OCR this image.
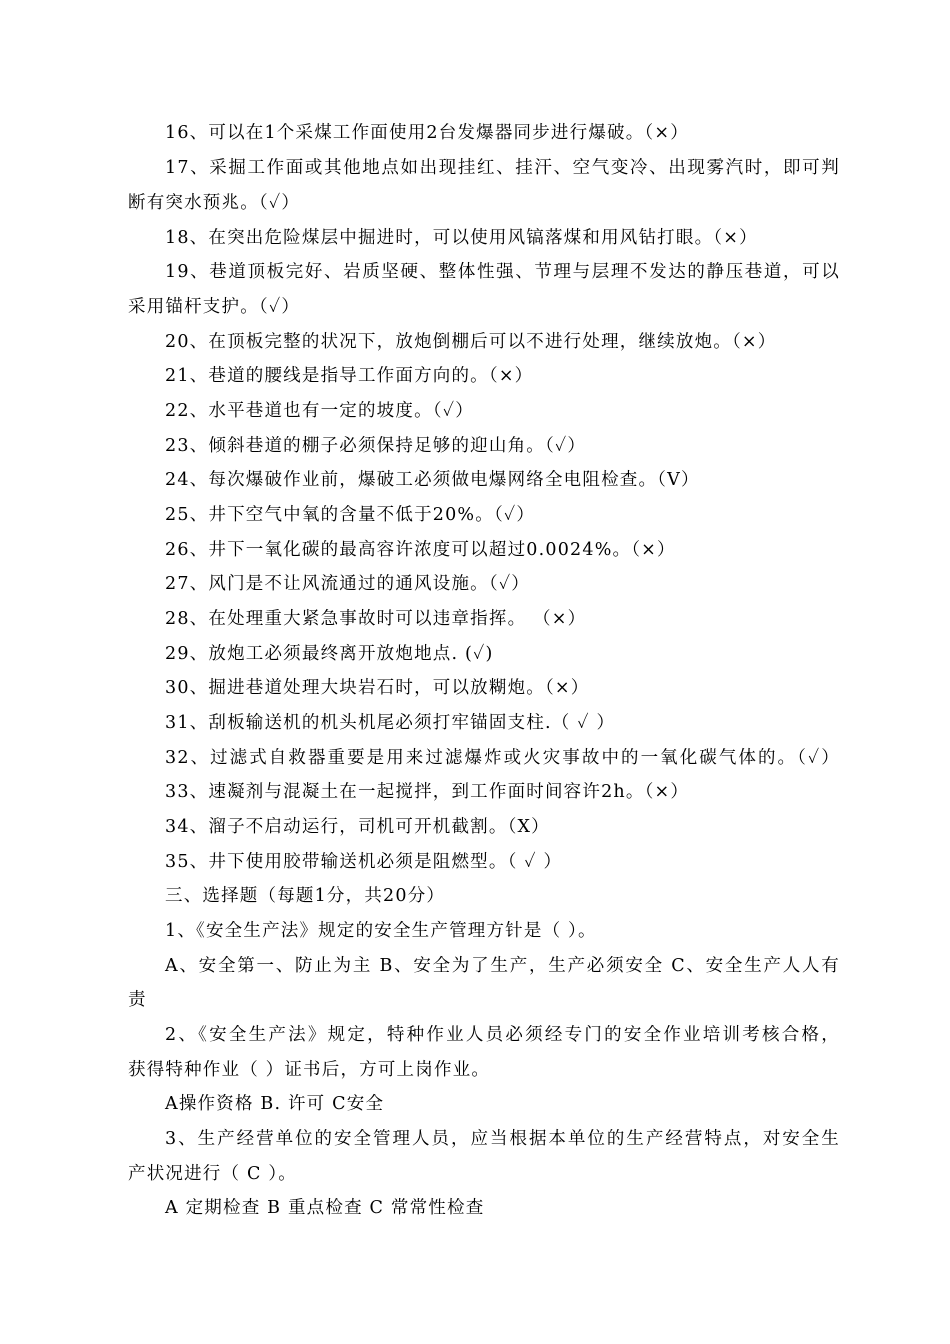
16、可以在1个采煤工作面使用2台发爆器同步进行爆破。（×）
17、采掘工作面或其他地点如出现挂红、挂汗、空气变冷、出现雾汽时，即可判
断有突水预兆。（✓）
18、在突出危险煤层中掘进时，可以使用风镐落煤和用风钻打眼。（×）
19、巷道顶板完好、岩质坚硬、整体性强、节理与层理不发达的静压巷道，可以
采用锚杆支护。（✓）
20、在顶板完整的状况下，放炮倒棚后可以不进行处理，继续放炮。（×）
21、巷道的腰线是指导工作面方向的。（×）
22、水平巷道也有一定的坡度。（✓）
23、倾斜巷道的棚子必须保持足够的迎山角。（✓）
24、每次爆破作业前，爆破工必须做电爆网络全电阻检查。（V）
25、井下空气中氧的含量不低于20%。（✓）
26、井下一氧化碳的最高容许浓度可以超过0.0024%。（×）
27、风门是不让风流通过的通风设施。（✓）
28、在处理重大紧急事故时可以违章指挥。 （×）
29、放炮工必须最终离开放炮地点. (✓)
30、掘进巷道处理大块岩石时，可以放糊炮。（×）
31、刮板输送机的机头机尾必须打牢锚固支柱.（ ✓ ）
32、过滤式自救器重要是用来过滤爆炸或火灾事故中的一氧化碳气体的。（✓）
33、速凝剂与混凝土在一起搅拌，到工作面时间容许2h。（×）
34、溜子不启动运行，司机可开机截割。（X）
35、井下使用胶带输送机必须是阻燃型。（ ✓ ）
三、选择题（每题1分，共20分）
1、《安全生产法》规定的安全生产管理方针是（ ）。
A、安全第一、防止为主 B、安全为了生产，生产必须安全 C、安全生产人人有
责
2、《安全生产法》规定，特种作业人员必须经专门的安全作业培训考核合格，
获得特种作业（ ）证书后，方可上岗作业。
A操作资格 B. 许可 C安全
3、生产经营单位的安全管理人员，应当根据本单位的生产经营特点，对安全生
产状况进行（ C ）。
A 定期检查 B 重点检查 C 常常性检查
